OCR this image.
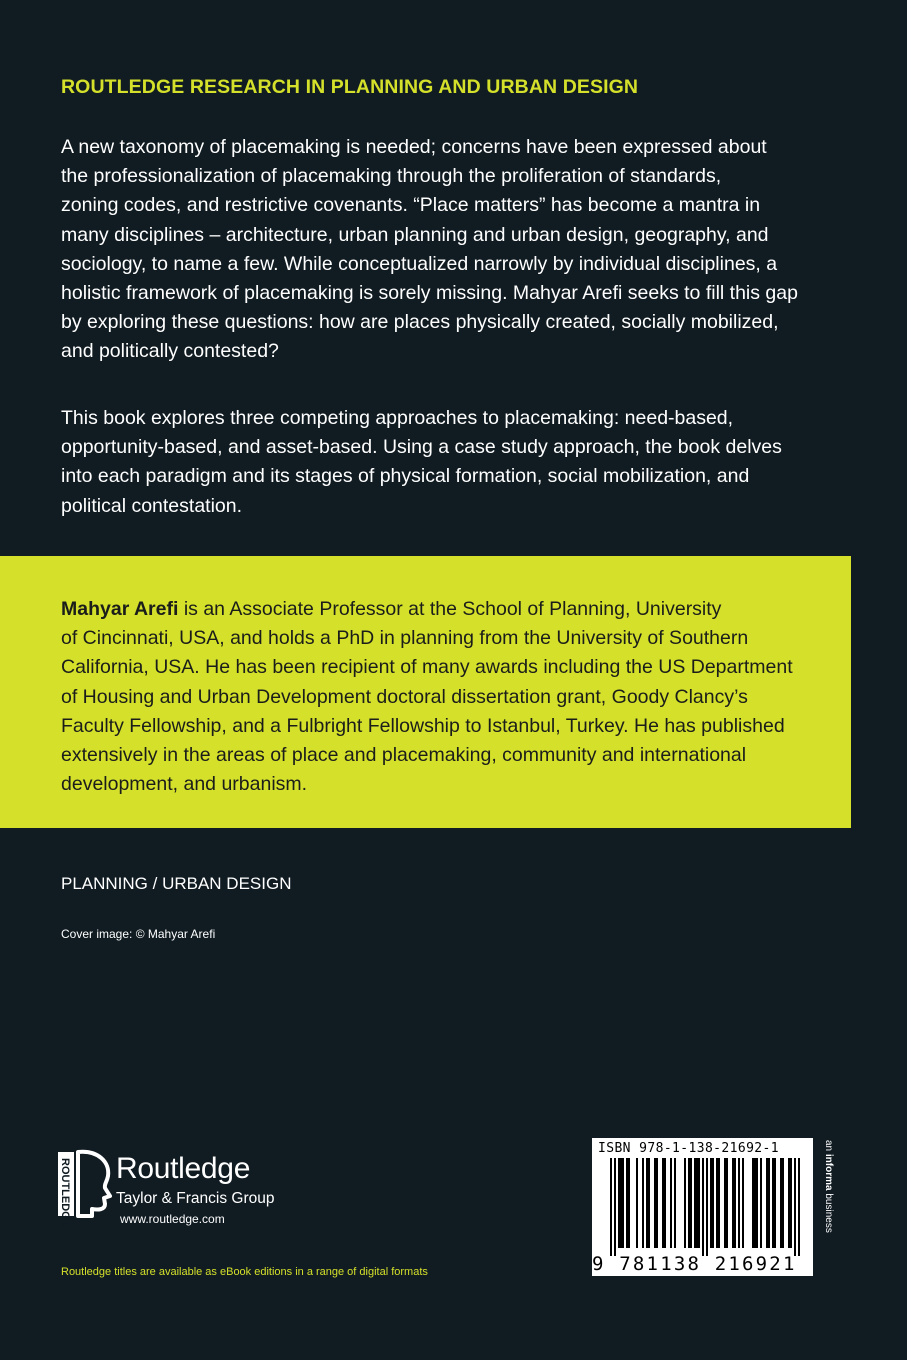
ROUTLEDGE RESEARCH IN PLANNING AND URBAN DESIGN
A new taxonomy of placemaking is needed; concerns have been expressed about
the professionalization of placemaking through the proliferation of standards,
zoning codes, and restrictive covenants. “Place matters” has become a mantra in
many disciplines – architecture, urban planning and urban design, geography, and
sociology, to name a few. While conceptualized narrowly by individual disciplines, a
holistic framework of placemaking is sorely missing. Mahyar Arefi seeks to fill this gap
by exploring these questions: how are places physically created, socially mobilized,
and politically contested?
This book explores three competing approaches to placemaking: need-based,
opportunity-based, and asset-based. Using a case study approach, the book delves
into each paradigm and its stages of physical formation, social mobilization, and
political contestation.
Mahyar Arefi is an Associate Professor at the School of Planning, University
of Cincinnati, USA, and holds a PhD in planning from the University of Southern
California, USA. He has been recipient of many awards including the US Department
of Housing and Urban Development doctoral dissertation grant, Goody Clancy’s
Faculty Fellowship, and a Fulbright Fellowship to Istanbul, Turkey. He has published
extensively in the areas of place and placemaking, community and international
development, and urbanism.
PLANNING / URBAN DESIGN
Cover image: © Mahyar Arefi
ROUTLEDGE Routledge
Taylor & Francis Group
www.routledge.com
Routledge titles are available as eBook editions in a range of digital formats
ISBN 978-1-138-21692-1
9 781138 216921
an informa business
